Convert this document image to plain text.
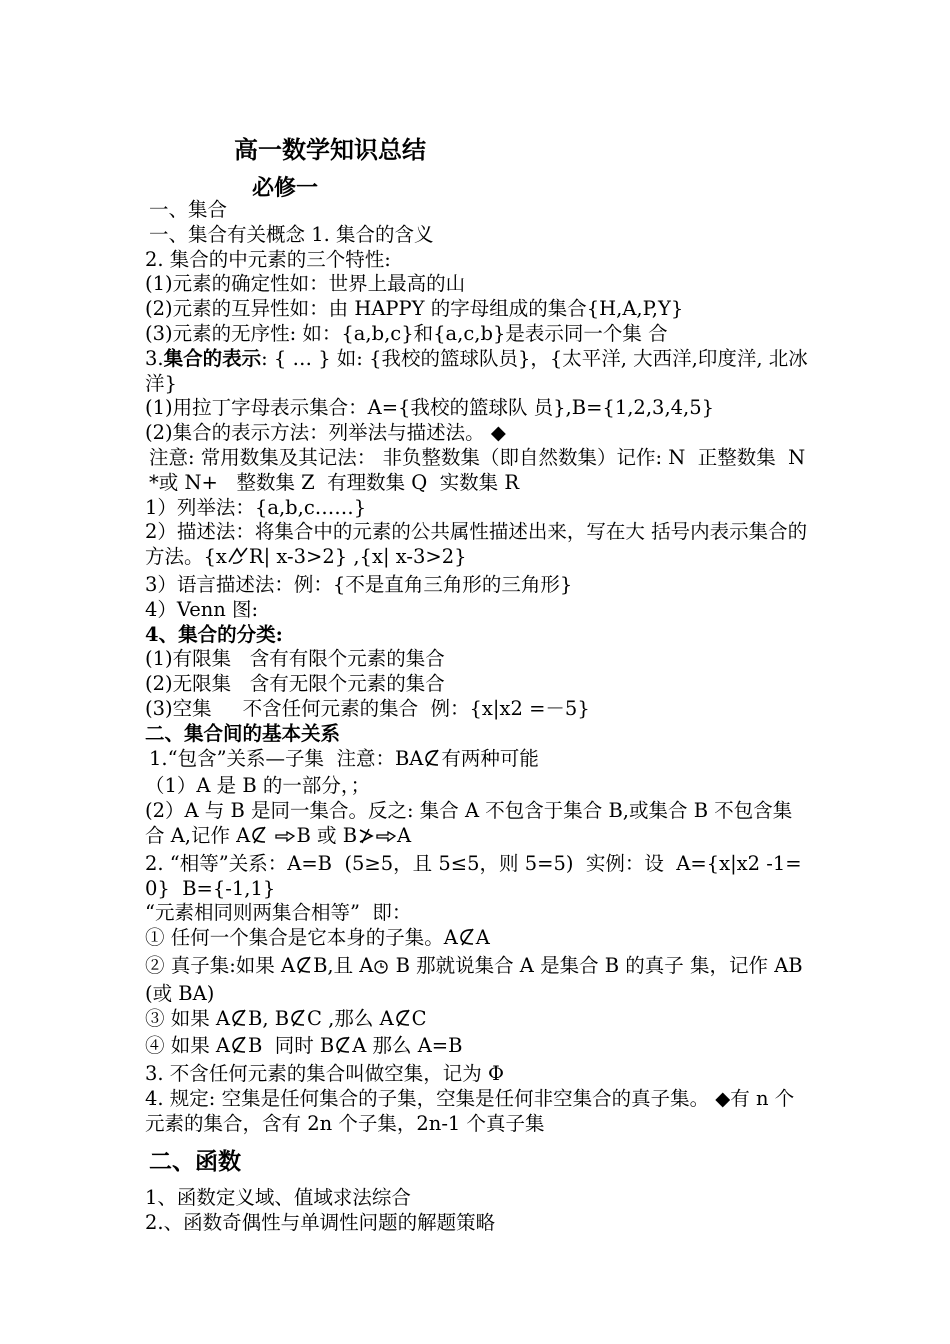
高一数学知识总结
必修一
一、集合
一、集合有关概念 1. 集合的含义
2. 集合的中元素的三个特性:
(1)元素的确定性如：世界上最高的山
(2)元素的互异性如：由 HAPPY 的字母组成的集合{H,A,P,Y}
(3)元素的无序性: 如：{a,b,c}和{a,c,b}是表示同一个集 合
3.集合的表示: { … } 如: {我校的篮球队员}，{太平洋, 大西洋,印度洋, 北冰洋}
(1)用拉丁字母表示集合：A={我校的篮球队 员},B={1,2,3,4,5}
(2)集合的表示方法：列举法与描述法。 ◆
注意: 常用数集及其记法： 非负整数集（即自然数集）记作: N  正整数集  N*或 N+   整数集 Z  有理数集 Q  实数集 R
1）列举法：{a,b,c……}
2）描述法：将集合中的元素的公共属性描述出来，写在大 括号内表示集合的方法。{x R| x-3>2} ,{x| x-3>2}
3）语言描述法：例：{不是直角三角形的三角形}
4）Venn 图:
4、集合的分类:
(1)有限集   含有有限个元素的集合
(2)无限集   含有无限个元素的集合
(3)空集     不含任何元素的集合  例：{x|x2 =－5}
二、集合间的基本关系
1.“包含”关系—子集  注意：BA 有两种可能
（1）A 是 B 的一部分，；
(2）A 与 B 是同一集合。反之: 集合 A 不包含于集合 B,或集合 B 不包含集合 A,记作 A B 或 B A
2. “相等”关系：A=B  (5≥5，且 5≤5，则 5=5)  实例：设  A={x|x2 -1=0}  B={-1,1}
“元素相同则两集合相等”  即：
① 任何一个集合是它本身的子集。A A
② 真子集:如果 A B,且 A B 那就说集合 A 是集合 B 的真子 集，记作 AB(或 BA)
③ 如果 A B, B C ,那么 A C
④ 如果 A B  同时 B A 那么 A=B
3. 不含任何元素的集合叫做空集，记为 Φ
4. 规定: 空集是任何集合的子集，空集是任何非空集合的真子集。 ◆有 n 个元素的集合，含有 2n 个子集，2n-1 个真子集
二、函数
1、函数定义域、值域求法综合
2.、函数奇偶性与单调性问题的解题策略
